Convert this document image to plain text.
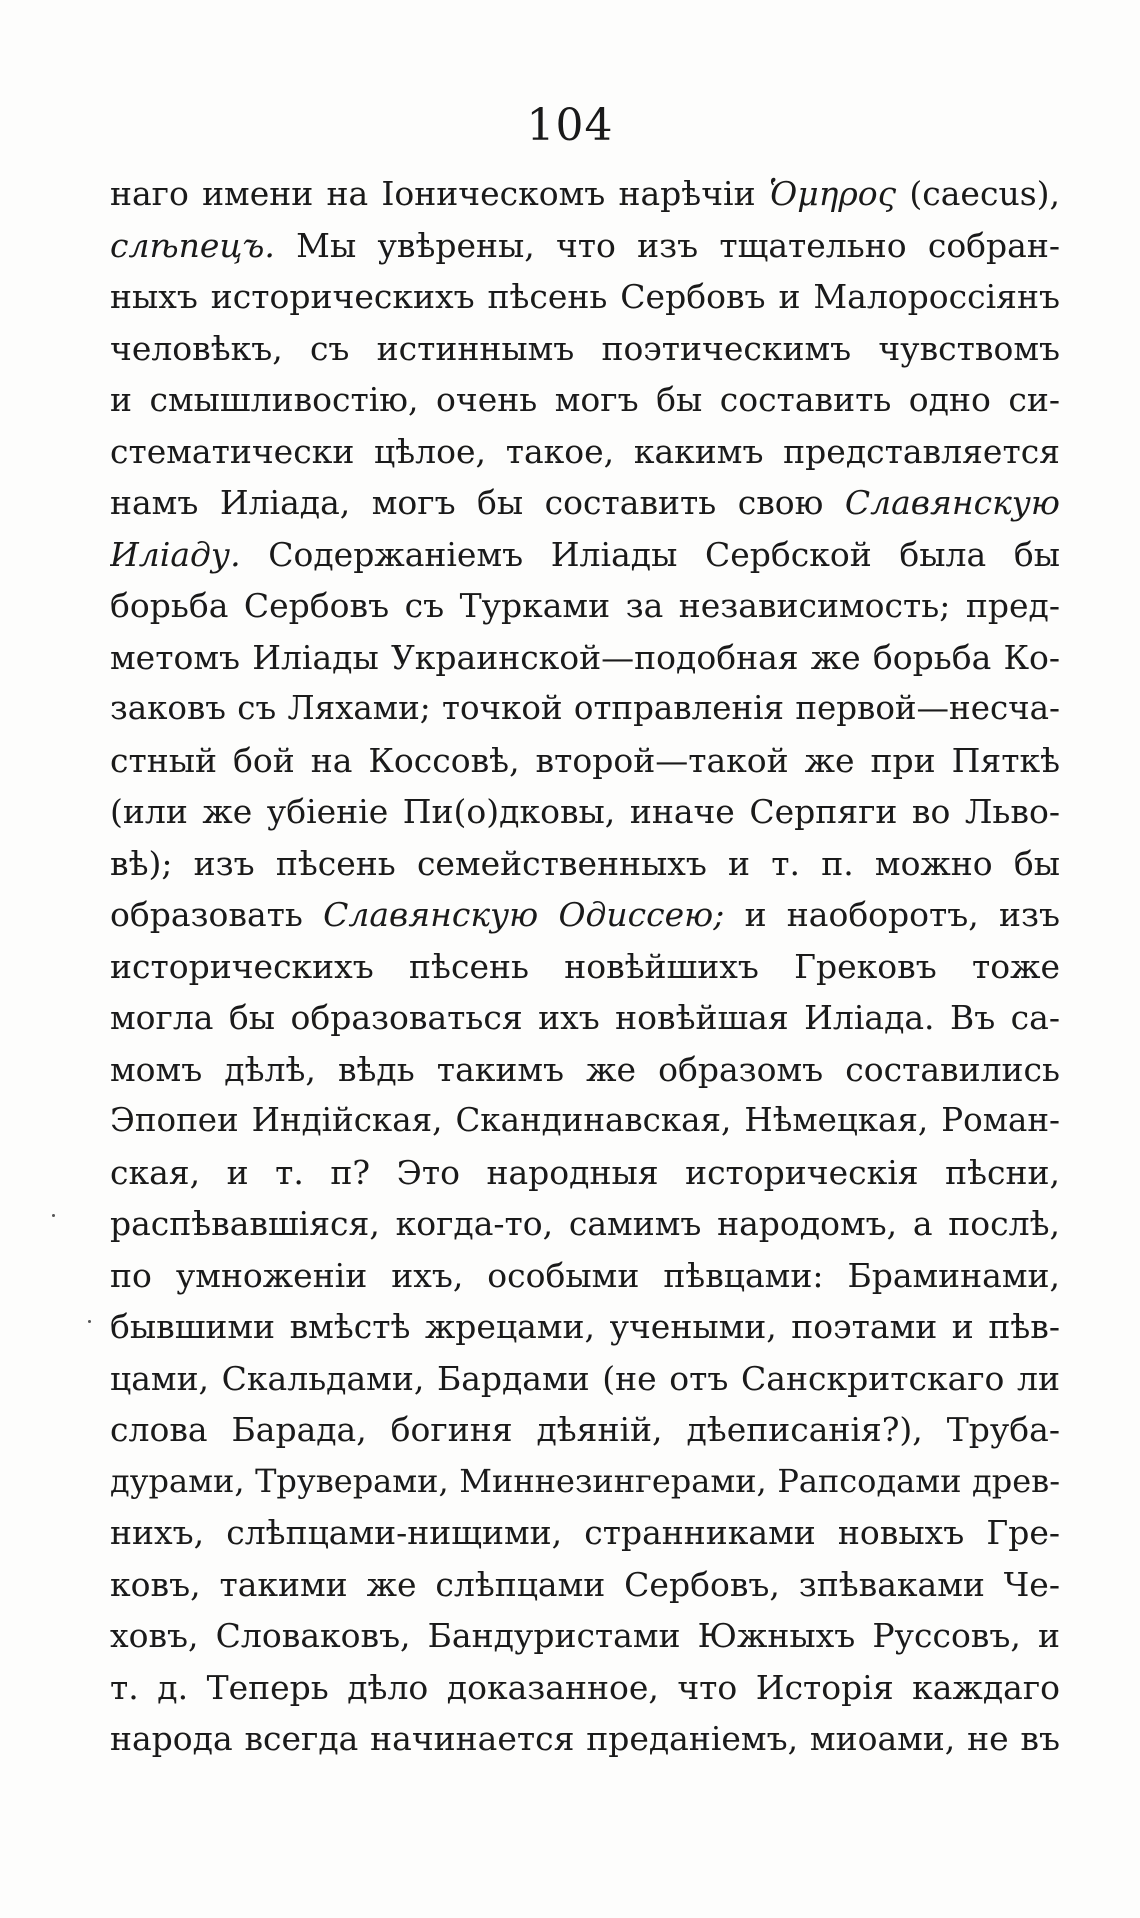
104
наго имени на Іоническомъ нарѣчіи Ὁμηρος (caecus),
слѣпецъ. Мы увѣрены, что изъ тщательно собран-
ныхъ историческихъ пѣсень Сербовъ и Малороссіянъ
человѣкъ, съ истиннымъ поэтическимъ чувствомъ
и смышливостію, очень могъ бы составить одно си-
стематически цѣлое, такое, какимъ представляется
намъ Иліада, могъ бы составить свою Славянскую
Иліаду. Содержаніемъ Иліады Сербской была бы
борьба Сербовъ съ Турками за независимость; пред-
метомъ Иліады Украинской—подобная же борьба Ко-
заковъ съ Ляхами; точкой отправленія первой—несча-
стный бой на Коссовѣ, второй—такой же при Пяткѣ
(или же убіеніе Пи(о)дковы, иначе Серпяги во Льво-
вѣ); изъ пѣсень семейственныхъ и т. п. можно бы
образовать Славянскую Одиссею; и наоборотъ, изъ
историческихъ пѣсень новѣйшихъ Грековъ тоже
могла бы образоваться ихъ новѣйшая Иліада. Въ са-
момъ дѣлѣ, вѣдь такимъ же образомъ составились
Эпопеи Индійская, Скандинавская, Нѣмецкая, Роман-
ская, и т. п? Это народныя историческія пѣсни,
распѣвавшіяся, когда-то, самимъ народомъ, а послѣ,
по умноженіи ихъ, особыми пѣвцами: Браминами,
бывшими вмѣстѣ жрецами, учеными, поэтами и пѣв-
цами, Скальдами, Бардами (не отъ Санскритскаго ли
слова Барада, богиня дѣяній, дѣеписанія?), Труба-
дурами, Труверами, Миннезингерами, Рапсодами древ-
нихъ, слѣпцами-нищими, странниками новыхъ Гре-
ковъ, такими же слѣпцами Сербовъ, зпѣваками Че-
ховъ, Словаковъ, Бандуристами Южныхъ Руссовъ, и
т. д. Теперь дѣло доказанное, что Исторія каждаго
народа всегда начинается преданіемъ, миоами, не въ
